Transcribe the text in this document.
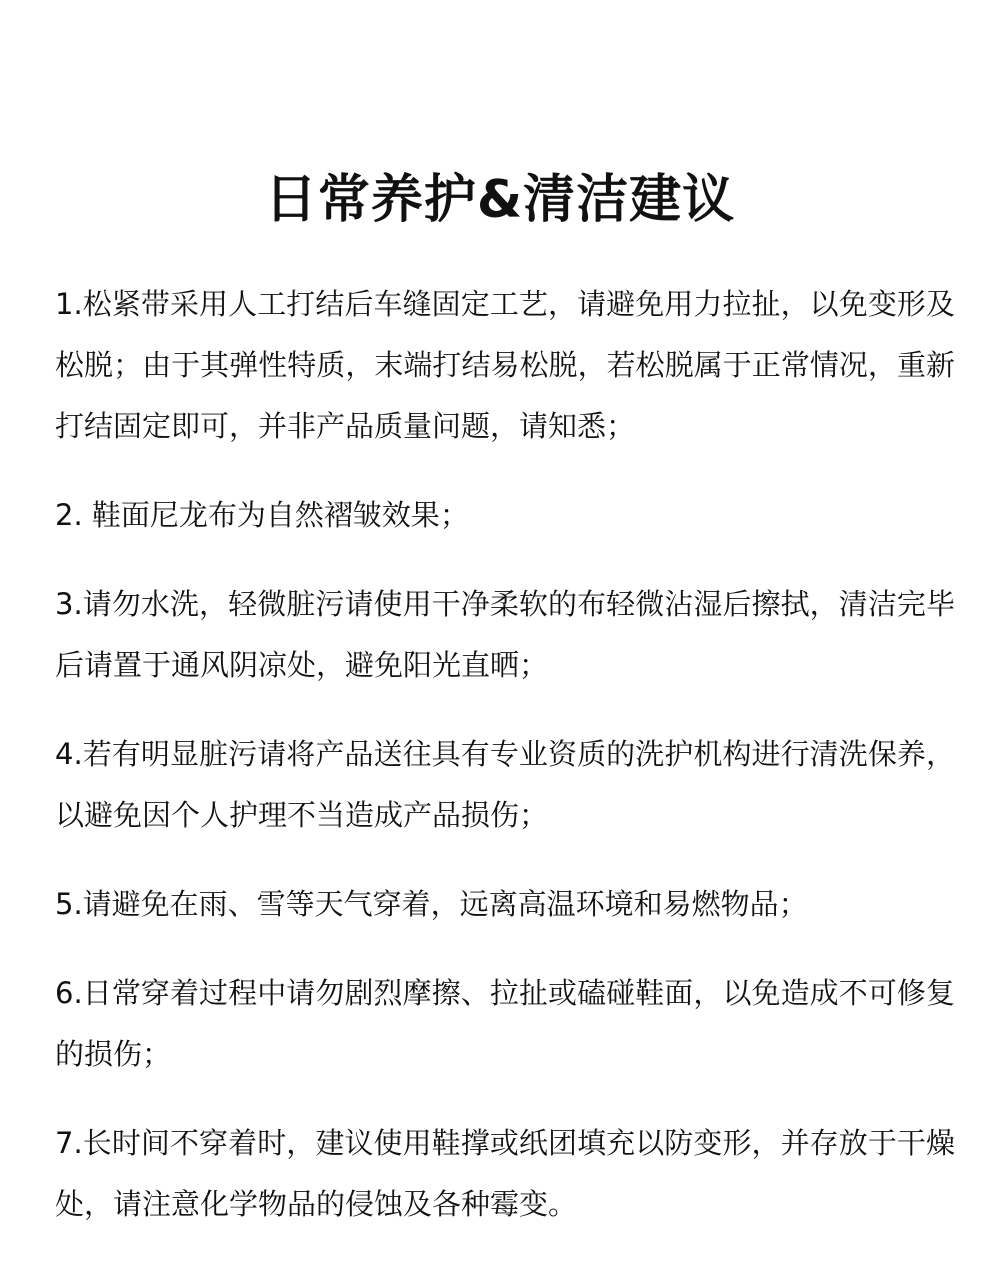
日常养护&清洁建议
1.松紧带采用人工打结后车缝固定工艺，请避免用力拉扯，以免变形及松脱；由于其弹性特质，末端打结易松脱，若松脱属于正常情况，重新打结固定即可，并非产品质量问题，请知悉；
2. 鞋面尼龙布为自然褶皱效果；
3.请勿水洗，轻微脏污请使用干净柔软的布轻微沾湿后擦拭，清洁完毕后请置于通风阴凉处，避免阳光直晒；
4.若有明显脏污请将产品送往具有专业资质的洗护机构进行清洗保养，以避免因个人护理不当造成产品损伤；
5.请避免在雨、雪等天气穿着，远离高温环境和易燃物品；
6.日常穿着过程中请勿剧烈摩擦、拉扯或磕碰鞋面，以免造成不可修复的损伤；
7.长时间不穿着时，建议使用鞋撑或纸团填充以防变形，并存放于干燥处，请注意化学物品的侵蚀及各种霉变。
